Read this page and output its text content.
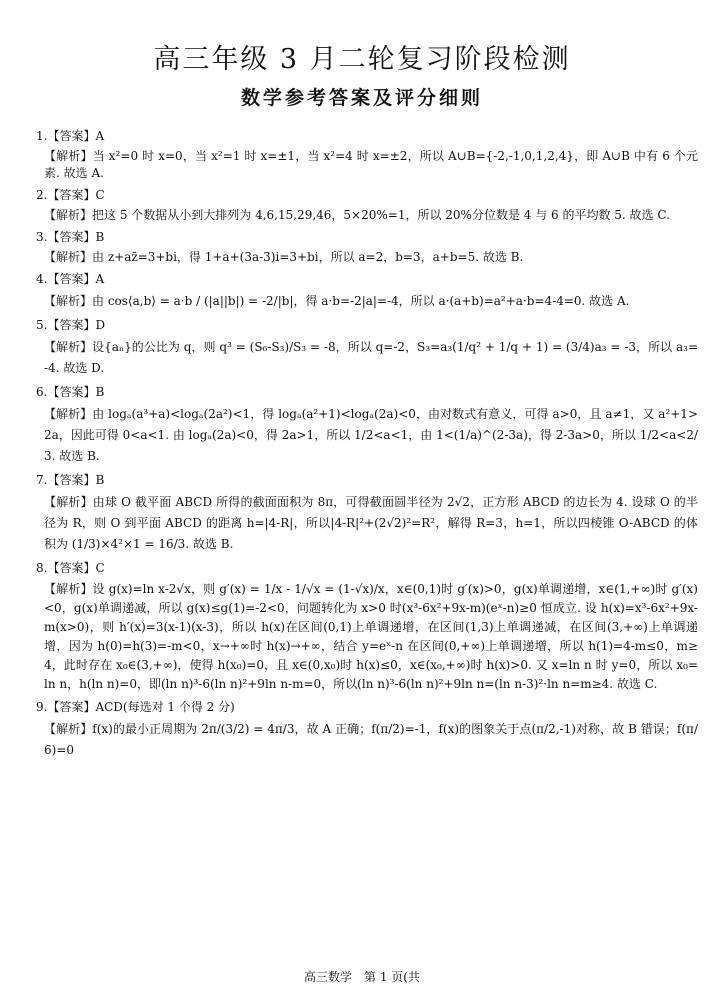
高三年级 3 月二轮复习阶段检测
数学参考答案及评分细则
1.【答案】A
【解析】当 x²=0 时 x=0，当 x²=1 时 x=±1，当 x²=4 时 x=±2，所以 A∪B={-2,-1,0,1,2,4}，即 A∪B 中有 6 个元素. 故选 A.
2.【答案】C
【解析】把这 5 个数据从小到大排列为 4,6,15,29,46，5×20%=1，所以 20%分位数是 4 与 6 的平均数 5. 故选 C.
3.【答案】B
【解析】由 z+az̄=3+bi，得 1+a+(3a-3)i=3+bi，所以 a=2，b=3，a+b=5. 故选 B.
4.【答案】A
【解析】由 cos⟨a,b⟩ = a·b / (|a||b|) = -2/|b|，得 a·b=-2|a|=-4，所以 a·(a+b)=a²+a·b=4-4=0. 故选 A.
5.【答案】D
【解析】设{aₙ}的公比为 q，则 q³ = (S₆-S₃)/S₃ = -8，所以 q=-2，S₃=a₃(1/q² + 1/q + 1) = (3/4)a₃ = -3，所以 a₃=-4. 故选 D.
6.【答案】B
【解析】由 logₐ(a³+a)<logₐ(2a²)<1，得 logₐ(a²+1)<logₐ(2a)<0，由对数式有意义，可得 a>0，且 a≠1，又 a²+1>2a，因此可得 0<a<1. 由 logₐ(2a)<0，得 2a>1，所以 1/2<a<1，由 1<(1/a)^(2-3a)，得 2-3a>0，所以 1/2<a<2/3. 故选 B.
7.【答案】B
【解析】由球 O 截平面 ABCD 所得的截面面积为 8π，可得截面圆半径为 2√2，正方形 ABCD 的边长为 4. 设球 O 的半径为 R，则 O 到平面 ABCD 的距离 h=|4-R|，所以|4-R|²+(2√2)²=R²，解得 R=3，h=1，所以四棱锥 O-ABCD 的体积为 (1/3)×4²×1 = 16/3. 故选 B.
8.【答案】C
【解析】设 g(x)=ln x-2√x，则 g′(x) = 1/x - 1/√x = (1-√x)/x，x∈(0,1)时 g′(x)>0，g(x)单调递增，x∈(1,+∞)时 g′(x)<0，g(x)单调递减，所以 g(x)≤g(1)=-2<0，问题转化为 x>0 时(x³-6x²+9x-m)(eˣ-n)≥0 恒成立. 设 h(x)=x³-6x²+9x-m(x>0)，则 h′(x)=3(x-1)(x-3)，所以 h(x)在区间(0,1)上单调递增，在区间(1,3)上单调递减，在区间(3,+∞)上单调递增，因为 h(0)=h(3)=-m<0，x→+∞时 h(x)→+∞，结合 y=eˣ-n 在区间(0,+∞)上单调递增，所以 h(1)=4-m≤0，m≥4，此时存在 x₀∈(3,+∞)，使得 h(x₀)=0，且 x∈(0,x₀)时 h(x)≤0，x∈(x₀,+∞)时 h(x)>0. 又 x=ln n 时 y=0，所以 x₀=ln n，h(ln n)=0，即(ln n)³-6(ln n)²+9ln n-m=0，所以(ln n)³-6(ln n)²+9ln n=(ln n-3)²·ln n=m≥4. 故选 C.
9.【答案】ACD(每选对 1 个得 2 分)
【解析】f(x)的最小正周期为 2π/(3/2) = 4π/3，故 A 正确；f(π/2)=-1，f(x)的图象关于点(π/2,-1)对称，故 B 错误；f(π/6)=0
高三数学　第 1 页(共
